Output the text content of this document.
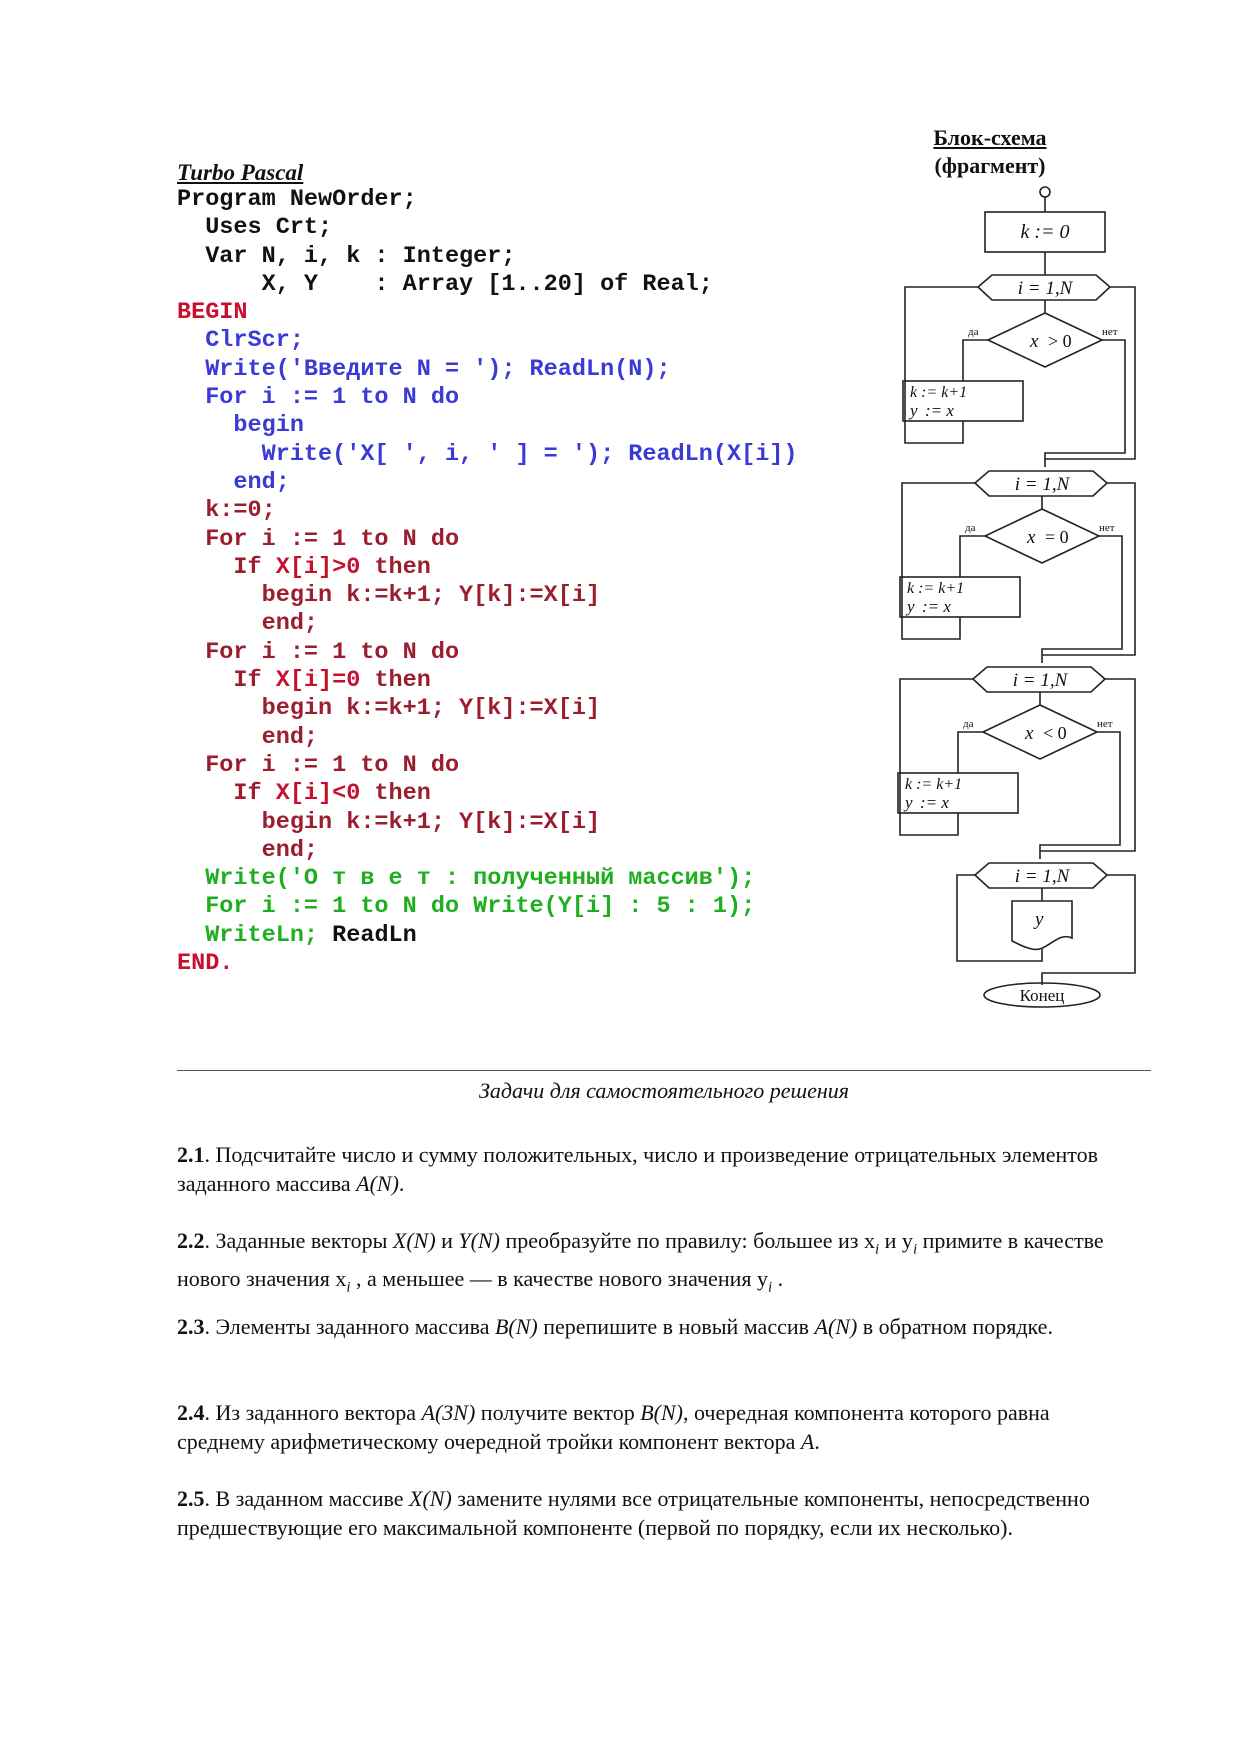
Turbo Pascal
Program NewOrder;
Uses Crt;
Var N, i, k : Integer;
X, Y    : Array [1..20] of Real;
BEGIN
ClrScr;
Write('Введите N = '); ReadLn(N);
For i := 1 to N do
begin
Write('X[ ', i, ' ] = '); ReadLn(X[i])
end;
k:=0;
For i := 1 to N do
If X[i]>0 then
begin k:=k+1; Y[k]:=X[i]
end;
For i := 1 to N do
If X[i]=0 then
begin k:=k+1; Y[k]:=X[i]
end;
For i := 1 to N do
If X[i]<0 then
begin k:=k+1; Y[k]:=X[i]
end;
Write('О т в е т : полученный массив');
For i := 1 to N do Write(Y[i] : 5 : 1);
WriteLn; ReadLn
END.
Блок-схема
(фрагмент)
k := 0
i = 1,N
x > 0
да	нет
k := k+1
y := x
i = 1,N
x = 0
да	нет
k := k+1
y := x
i = 1,N
x < 0
да	нет
k := k+1
y := x
i = 1,N
y
Конец
Задачи для самостоятельного решения
2.1. Подсчитайте число и сумму положительных, число и произведение отрицательных элементов заданного массива A(N).
2.2. Заданные векторы X(N) и Y(N) преобразуйте по правилу: большее из $x_i$ и $y_i$ примите в качестве нового значения $x_i$ , а меньшее — в качестве нового значения $y_i$ .
2.3. Элементы заданного массива B(N) перепишите в новый массив A(N) в обратном порядке.
2.4. Из заданного вектора A(3N) получите вектор B(N), очередная компонента которого равна среднему арифметическому очередной тройки компонент вектора A.
2.5. В заданном массиве X(N) замените нулями все отрицательные компоненты, непосредственно предшествующие его максимальной компоненте (первой по порядку, если их несколько).
